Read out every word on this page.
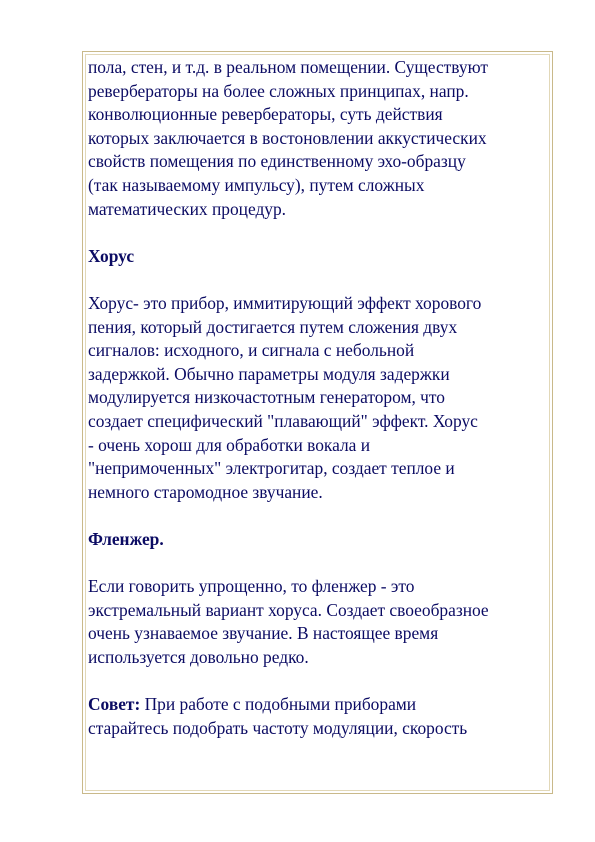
пола, стен, и т.д. в реальном помещении. Существуют
ревербераторы на более сложных принципах, напр.
конволюционные ревербераторы, суть действия
которых заключается в востоновлении аккустических
свойств помещения по единственному эхо-образцу
(так называемому импульсу), путем сложных
математических процедур.
Хорус
Хорус- это прибор, иммитирующий эффект хорового
пения, который достигается путем сложения двух
сигналов: исходного, и сигнала с небольной
задержкой. Обычно параметры модуля задержки
модулируется низкочастотным генератором, что
создает специфический "плавающий" эффект. Хорус
- очень хорош для обработки вокала и
"непримоченных" электрогитар, создает теплое и
немного старомодное звучание.
Фленжер.
Если говорить упрощенно, то фленжер - это
экстремальный вариант хоруса. Создает своеобразное
очень узнаваемое звучание. В настоящее время
используется довольно редко.
Совет: При работе с подобными приборами
старайтесь подобрать частоту модуляции, скорость
